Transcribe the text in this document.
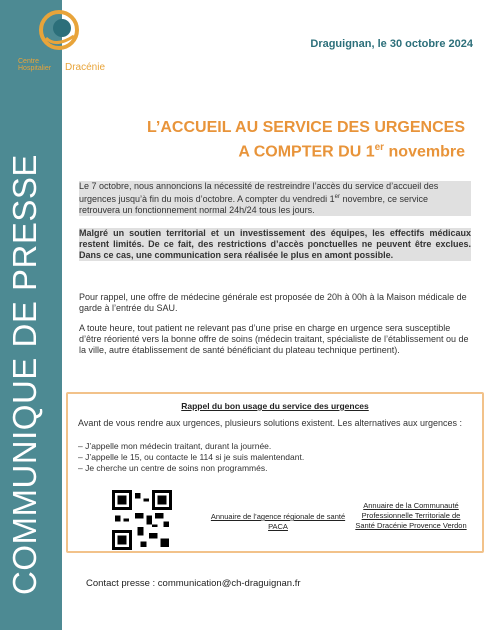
COMMUNIQUE DE PRESSE
Centre
Hospitalier Dracénie
Draguignan, le 30 octobre 2024
L’ACCUEIL AU SERVICE DES URGENCES
A COMPTER DU 1er novembre
Le 7 octobre, nous annoncions la nécessité de restreindre l’accès du service d’accueil des urgences jusqu’à fin du mois d’octobre. A compter du vendredi 1er novembre, ce service retrouvera un fonctionnement normal 24h/24 tous les jours.
Malgré un soutien territorial et un investissement des équipes, les effectifs médicaux restent limités. De ce fait, des restrictions d’accès ponctuelles ne peuvent être exclues. Dans ce cas, une communication sera réalisée le plus en amont possible.
Pour rappel, une offre de médecine générale est proposée de 20h à 00h à la Maison médicale de garde à l’entrée du SAU.
A toute heure, tout patient ne relevant pas d’une prise en charge en urgence sera susceptible d’être réorienté vers la bonne offre de soins (médecin traitant, spécialiste de l’établissement ou de la ville, autre établissement de santé bénéficiant du plateau technique pertinent).
Rappel du bon usage du service des urgences
Avant de vous rendre aux urgences, plusieurs solutions existent. Les alternatives aux urgences :
– J’appelle mon médecin traitant, durant la journée.
– J’appelle le 15, ou contacte le 114 si je suis malentendant.
– Je cherche un centre de soins non programmés.
Annuaire de l’agence régionale de santé PACA
Annuaire de la Communauté Professionnelle Territoriale de Santé Dracénie Provence Verdon
Contact presse : communication@ch-draguignan.fr
